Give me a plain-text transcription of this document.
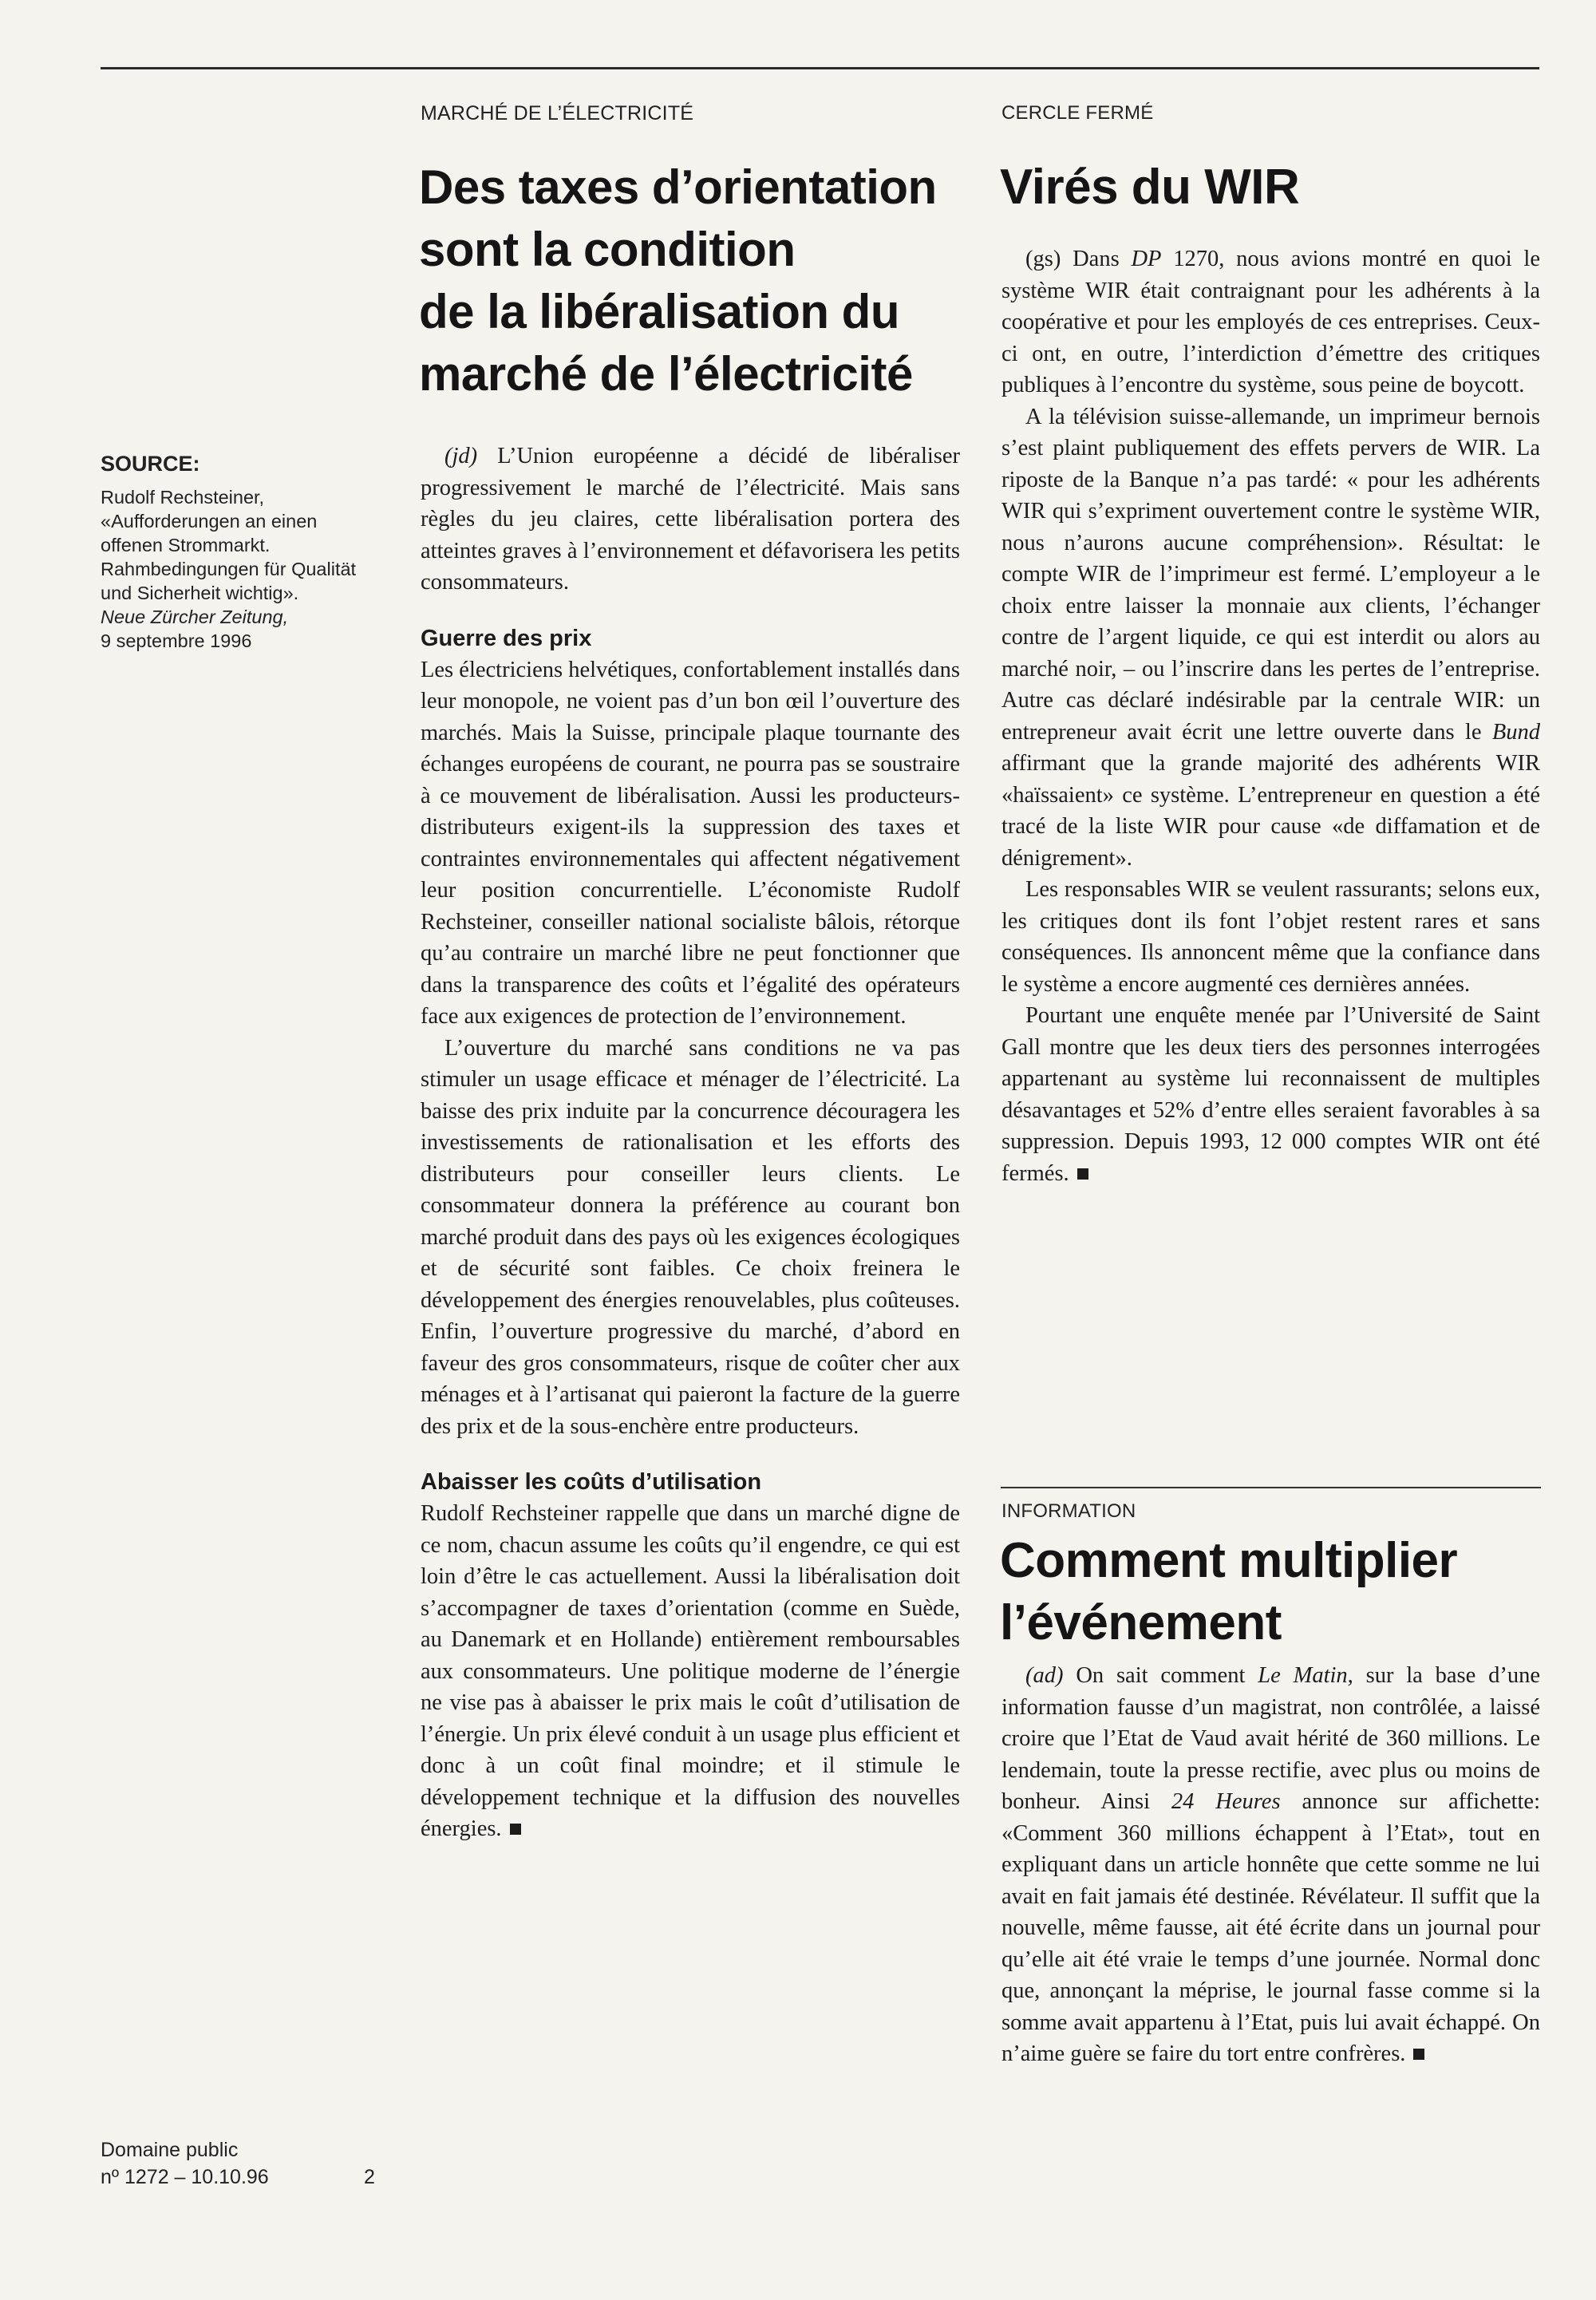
SOURCE:
Rudolf Rechsteiner,
«Aufforderungen an einen offenen Strommarkt. Rahmbedingungen für Qualität und Sicherheit wichtig».
Neue Zürcher Zeitung,
9 septembre 1996
Domaine public
nº 1272 – 10.10.96	2
MARCHÉ DE L’ÉLECTRICITÉ
Des taxes d’orientation
sont la condition
de la libéralisation du
marché de l’électricité

(jd) L’Union européenne a décidé de libéraliser progressivement le marché de l’électricité. Mais sans règles du jeu claires, cette libéralisation portera des atteintes graves à l’environnement et défavorisera les petits consommateurs.

Guerre des prix

Les électriciens helvétiques, confortablement installés dans leur monopole, ne voient pas d’un bon œil l’ouverture des marchés. Mais la Suisse, principale plaque tournante des échanges européens de courant, ne pourra pas se soustraire à ce mouvement de libéralisation. Aussi les producteurs-distributeurs exigent-ils la suppression des taxes et contraintes environnementales qui affectent négativement leur position concurrentielle. L’économiste Rudolf Rechsteiner, conseiller national socialiste bâlois, rétorque qu’au contraire un marché libre ne peut fonctionner que dans la transparence des coûts et l’égalité des opérateurs face aux exigences de protection de l’environnement.

L’ouverture du marché sans conditions ne va pas stimuler un usage efficace et ménager de l’électricité. La baisse des prix induite par la concurrence découragera les investissements de rationalisation et les efforts des distributeurs pour conseiller leurs clients. Le consommateur donnera la préférence au courant bon marché produit dans des pays où les exigences écologiques et de sécurité sont faibles. Ce choix freinera le développement des énergies renouvelables, plus coûteuses. Enfin, l’ouverture progressive du marché, d’abord en faveur des gros consommateurs, risque de coûter cher aux ménages et à l’artisanat qui paieront la facture de la guerre des prix et de la sous-enchère entre producteurs.

Abaisser les coûts d’utilisation

Rudolf Rechsteiner rappelle que dans un marché digne de ce nom, chacun assume les coûts qu’il engendre, ce qui est loin d’être le cas actuellement. Aussi la libéralisation doit s’accompagner de taxes d’orientation (comme en Suède, au Danemark et en Hollande) entièrement remboursables aux consommateurs. Une politique moderne de l’énergie ne vise pas à abaisser le prix mais le coût d’utilisation de l’énergie. Un prix élevé conduit à un usage plus efficient et donc à un coût final moindre; et il stimule le développement technique et la diffusion des nouvelles énergies.

CERCLE FERMÉ
Virés du WIR

(gs) Dans DP 1270, nous avions montré en quoi le système WIR était contraignant pour les adhérents à la coopérative et pour les employés de ces entreprises. Ceux-ci ont, en outre, l’interdiction d’émettre des critiques publiques à l’encontre du système, sous peine de boycott.

A la télévision suisse-allemande, un imprimeur bernois s’est plaint publiquement des effets pervers de WIR. La riposte de la Banque n’a pas tardé: « pour les adhérents WIR qui s’expriment ouvertement contre le système WIR, nous n’aurons aucune compréhension». Résultat: le compte WIR de l’imprimeur est fermé. L’employeur a le choix entre laisser la monnaie aux clients, l’échanger contre de l’argent liquide, ce qui est interdit ou alors au marché noir, – ou l’inscrire dans les pertes de l’entreprise. Autre cas déclaré indésirable par la centrale WIR: un entrepreneur avait écrit une lettre ouverte dans le Bund affirmant que la grande majorité des adhérents WIR «haïssaient» ce système. L’entrepreneur en question a été tracé de la liste WIR pour cause «de diffamation et de dénigrement».

Les responsables WIR se veulent rassurants; selons eux, les critiques dont ils font l’objet restent rares et sans conséquences. Ils annoncent même que la confiance dans le système a encore augmenté ces dernières années.

Pourtant une enquête menée par l’Université de Saint Gall montre que les deux tiers des personnes interrogées appartenant au système lui reconnaissent de multiples désavantages et 52% d’entre elles seraient favorables à sa suppression. Depuis 1993, 12 000 comptes WIR ont été fermés.

INFORMATION
Comment multiplier
l’événement

(ad) On sait comment Le Matin, sur la base d’une information fausse d’un magistrat, non contrôlée, a laissé croire que l’Etat de Vaud avait hérité de 360 millions. Le lendemain, toute la presse rectifie, avec plus ou moins de bonheur. Ainsi 24 Heures annonce sur affichette: «Comment 360 millions échappent à l’Etat», tout en expliquant dans un article honnête que cette somme ne lui avait en fait jamais été destinée. Révélateur. Il suffit que la nouvelle, même fausse, ait été écrite dans un journal pour qu’elle ait été vraie le temps d’une journée. Normal donc que, annonçant la méprise, le journal fasse comme si la somme avait appartenu à l’Etat, puis lui avait échappé. On n’aime guère se faire du tort entre confrères.
